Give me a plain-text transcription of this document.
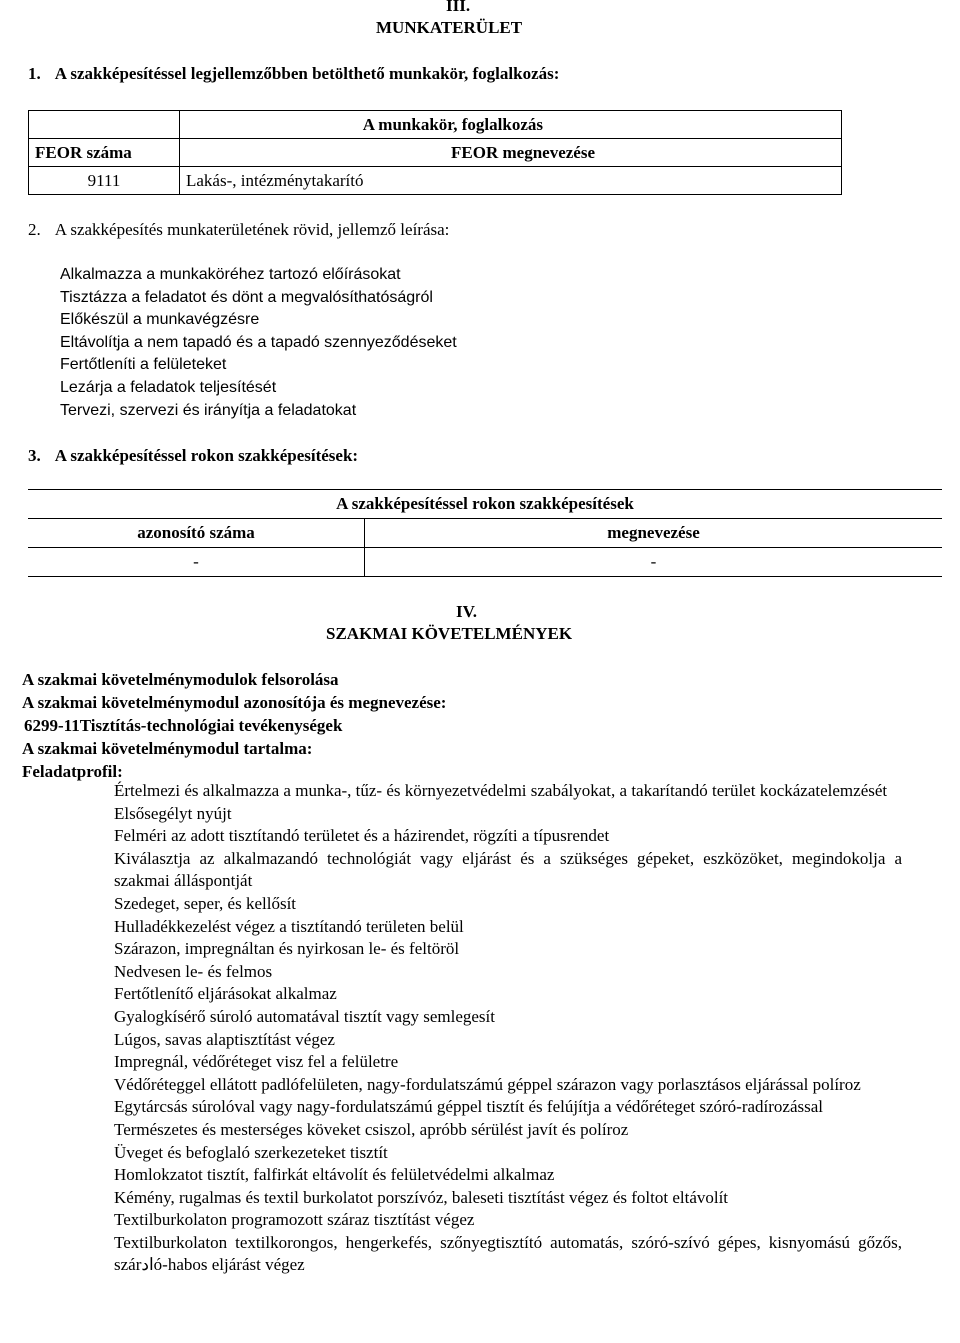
III.
MUNKATERÜLET
1. A szakképesítéssel legjellemzőbben betölthető munkakör, foglalkozás:
	A munkakör, foglalkozás
FEOR száma	FEOR megnevezése
9111	Lakás-, intézménytakarító
2. A szakképesítés munkaterületének rövid, jellemző leírása:
Alkalmazza a munkaköréhez tartozó előírásokat
Tisztázza a feladatot és dönt a megvalósíthatóságról
Előkészül a munkavégzésre
Eltávolítja a nem tapadó és a tapadó szennyeződéseket
Fertőtleníti a felületeket
Lezárja a feladatok teljesítését
Tervezi, szervezi és irányítja a feladatokat
3. A szakképesítéssel rokon szakképesítések:
A szakképesítéssel rokon szakképesítések	
azonosító száma	megnevezése
-	-
IV.
SZAKMAI KÖVETELMÉNYEK
A szakmai követelménymodulok felsorolása
A szakmai követelménymodul azonosítója és megnevezése:
6299-11Tisztítás-technológiai tevékenységek
A szakmai követelménymodul tartalma:
Feladatprofil:
Értelmezi és alkalmazza a munka-, tűz- és környezetvédelmi szabályokat, a takarítandó terület kockázatelemzését
Elsősegélyt nyújt
Felméri az adott tisztítandó területet és a házirendet, rögzíti a típusrendet
Kiválasztja az alkalmazandó technológiát vagy eljárást és a szükséges gépeket, eszközöket, megindokolja a szakmai álláspontját
Szedeget, seper, és kellősít
Hulladékkezelést végez a tisztítandó területen belül
Szárazon, impregnáltan és nyirkosan le- és feltöröl
Nedvesen le- és felmos
Fertőtlenítő eljárásokat alkalmaz
Gyalogkísérő súroló automatával tisztít vagy semlegesít
Lúgos, savas alaptisztítást végez
Impregnál, védőréteget visz fel a felületre
Védőréteggel ellátott padlófelületen, nagy-fordulatszámú géppel szárazon vagy porlasztásos eljárással políroz
Egytárcsás súrolóval vagy nagy-fordulatszámú géppel tisztít és felújítja a védőréteget szóró-radírozással
Természetes és mesterséges köveket csiszol, apróbb sérülést javít és políroz
Üveget és befoglaló szerkezeteket tisztít
Homlokzatot tisztít, falfirkát eltávolít és felületvédelmi alkalmaz
Kémény, rugalmas és textil burkolatot porszívóz, baleseti tisztítást végez és foltot eltávolít
Textilburkolaton programozott száraz tisztítást végez
Textilburkolaton textilkorongos, hengerkefés, szőnyegtisztító automatás, szóró-szívó gépes, kisnyomású gőzős, szárادó-habos eljárást végez
